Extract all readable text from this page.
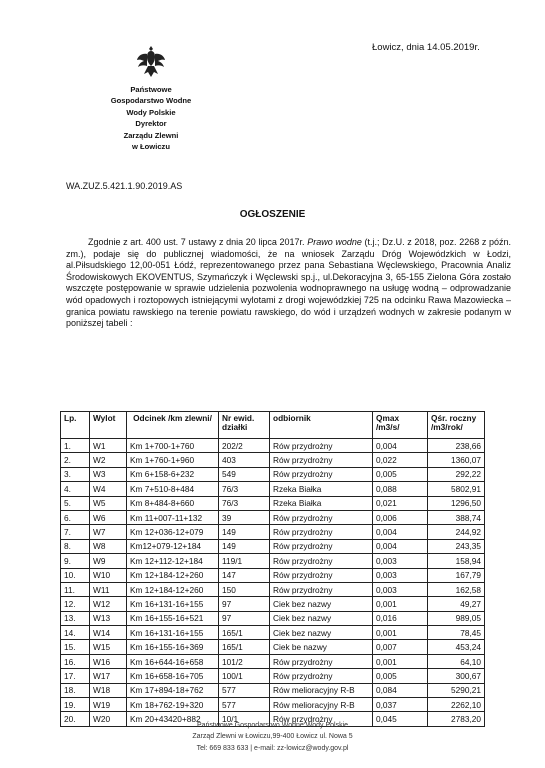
Łowicz, dnia 14.05.2019r.
Państwowe
Gospodarstwo Wodne
Wody Polskie
Dyrektor
Zarządu Zlewni
w Łowiczu
WA.ZUZ.5.421.1.90.2019.AS
OGŁOSZENIE
Zgodnie z art. 400 ust. 7 ustawy z dnia 20 lipca 2017r. Prawo wodne (t.j.; Dz.U. z 2018, poz. 2268 z późn. zm.), podaje się do publicznej wiadomości, że na wniosek Zarządu Dróg Wojewódzkich w Łodzi, al.Piłsudskiego 12,00-051 Łódź, reprezentowanego przez pana Sebastiana Węclewskiego, Pracownia Analiz Środowiskowych EKOVENTUS, Szymańczyk i Węclewski sp.j., ul.Dekoracyjna 3, 65-155 Zielona Góra zostało wszczęte postępowanie w sprawie udzielenia pozwolenia wodnoprawnego na usługę wodną – odprowadzanie wód opadowych i roztopowych istniejącymi wylotami z drogi wojewódzkiej 725 na odcinku Rawa Mazowiecka – granica powiatu rawskiego na terenie powiatu rawskiego, do wód i urządzeń wodnych w zakresie podanym w poniższej tabeli :
Lp.	Wylot	Odcinek /km zlewni/	Nr ewid. działki	odbiornik	Qmax /m3/s/	Qśr. roczny /m3/rok/
1.	W1	Km 1+700-1+760	202/2	Rów przydrożny	0,004	238,66
2.	W2	Km 1+760-1+960	403	Rów przydrożny	0,022	1360,07
3.	W3	Km 6+158-6+232	549	Rów przydrożny	0,005	292,22
4.	W4	Km 7+510-8+484	76/3	Rzeka Białka	0,088	5802,91
5.	W5	Km 8+484-8+660	76/3	Rzeka Białka	0,021	1296,50
6.	W6	Km 11+007-11+132	39	Rów przydrożny	0,006	388,74
7.	W7	Km 12+036-12+079	149	Rów przydrożny	0,004	244,92
8.	W8	Km12+079-12+184	149	Rów przydrożny	0,004	243,35
9.	W9	Km 12+112-12+184	119/1	Rów przydrożny	0,003	158,94
10.	W10	Km 12+184-12+260	147	Rów przydrożny	0,003	167,79
11.	W11	Km 12+184-12+260	150	Rów przydrożny	0,003	162,58
12.	W12	Km 16+131-16+155	97	Ciek bez nazwy	0,001	49,27
13.	W13	Km 16+155-16+521	97	Ciek bez nazwy	0,016	989,05
14.	W14	Km 16+131-16+155	165/1	Ciek bez nazwy	0,001	78,45
15.	W15	Km 16+155-16+369	165/1	Ciek be nazwy	0,007	453,24
16.	W16	Km 16+644-16+658	101/2	Rów przydrożny	0,001	64,10
17.	W17	Km 16+658-16+705	100/1	Rów przydrożny	0,005	300,67
18.	W18	Km 17+894-18+762	577	Rów melioracyjny R-B	0,084	5290,21
19.	W19	Km 18+762-19+320	577	Rów melioracyjny R-B	0,037	2262,10
20.	W20	Km 20+43420+882	10/1	Rów przydrożny	0,045	2783,20
Państwowe Gospodarstwo Wodne Wody Polskie
Zarząd Zlewni w Łowiczu,99-400 Łowicz ul. Nowa 5
Tel: 669 833 633 | e-mail: zz-lowicz@wody.gov.pl
